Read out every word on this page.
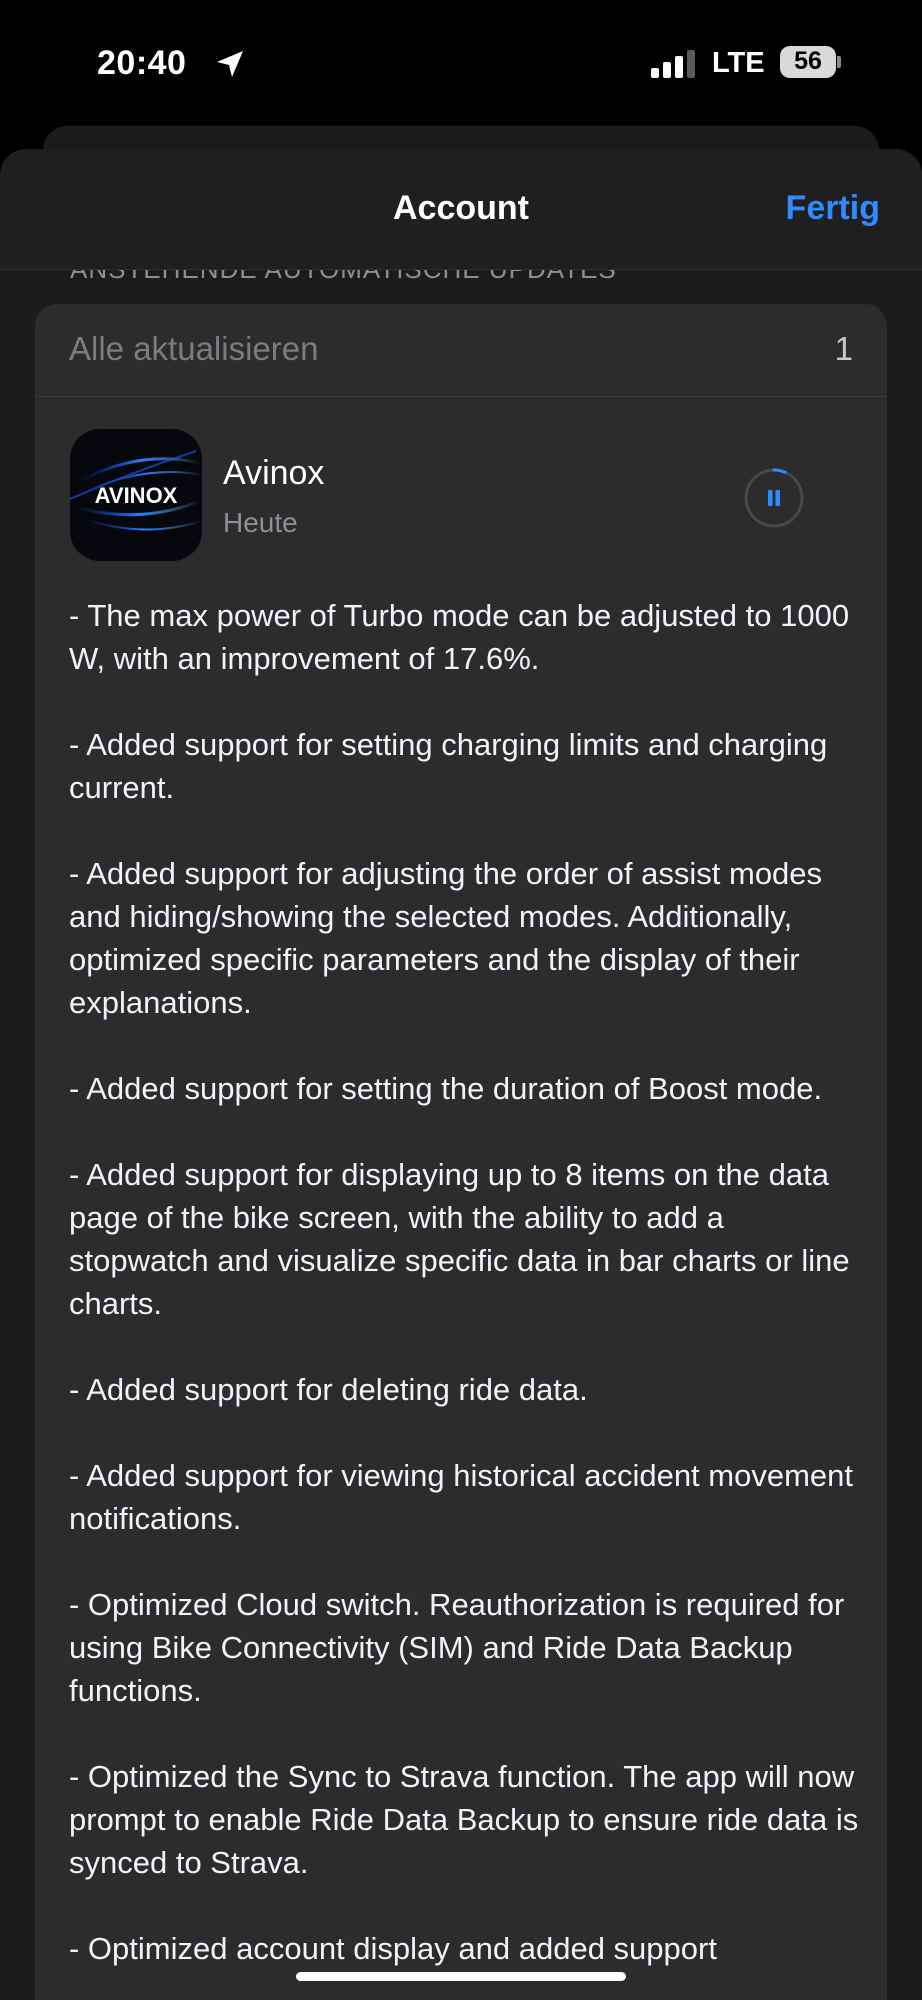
20:40	LTE	56
Account	Fertig
Alle aktualisieren	1
AVINOX
Avinox
Heute

- The max power of Turbo mode can be adjusted to 1000 W, with an improvement of 17.6%.

- Added support for setting charging limits and charging current.

- Added support for adjusting the order of assist modes and hiding/showing the selected modes. Additionally, optimized specific parameters and the display of their explanations.

- Added support for setting the duration of Boost mode.

- Added support for displaying up to 8 items on the data page of the bike screen, with the ability to add a stopwatch and visualize specific data in bar charts or line charts.

- Added support for deleting ride data.

- Added support for viewing historical accident movement notifications.

- Optimized Cloud switch. Reauthorization is required for using Bike Connectivity (SIM) and Ride Data Backup functions.

- Optimized the Sync to Strava function. The app will now prompt to enable Ride Data Backup to ensure ride data is synced to Strava.

- Optimized account display and added support
